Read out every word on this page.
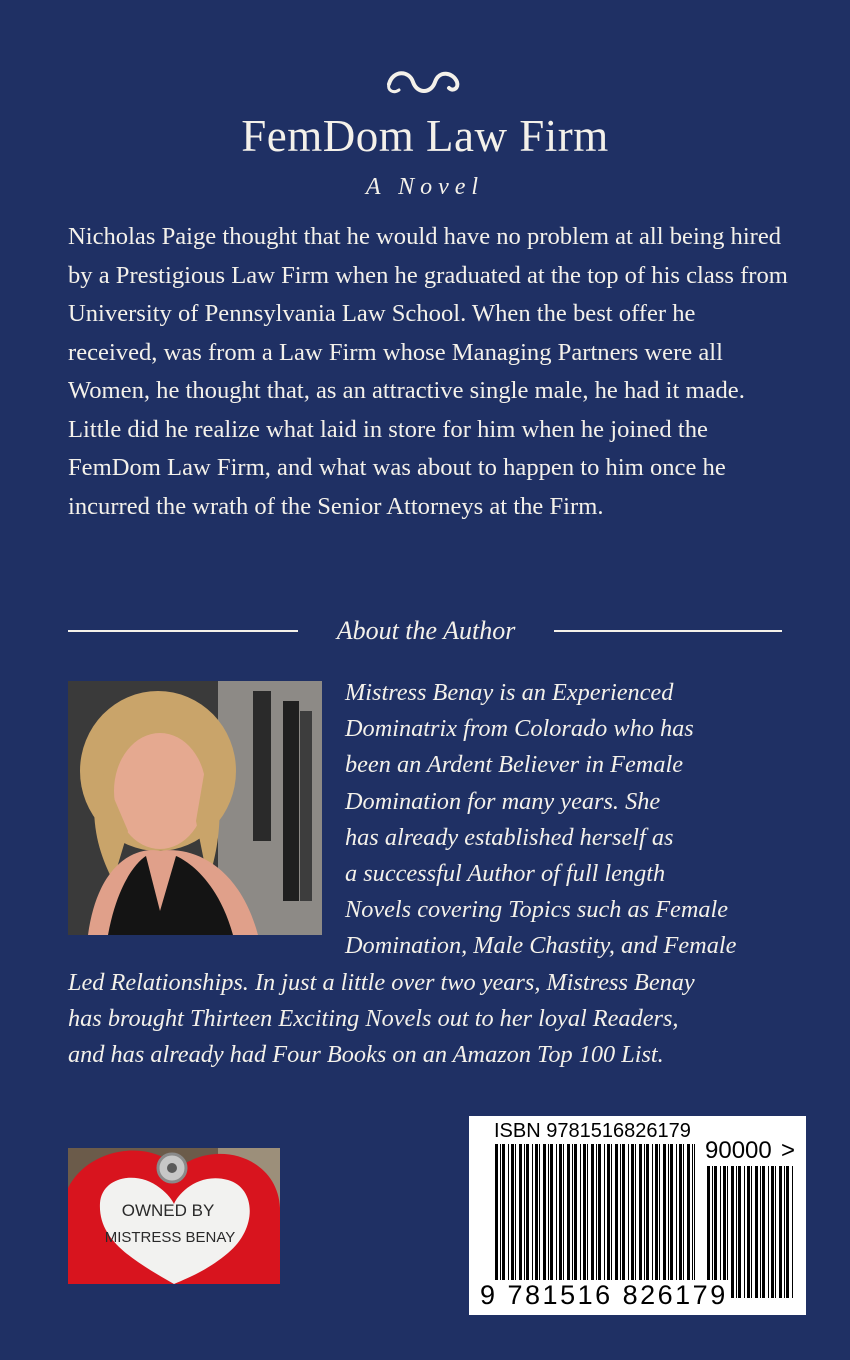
FemDom Law Firm
A Novel

Nicholas Paige thought that he would have no problem at all being hired by a Prestigious Law Firm when he graduated at the top of his class from University of Pennsylvania Law School. When the best offer he received, was from a Law Firm whose Managing Partners were all Women, he thought that, as an attractive single male, he had it made. Little did he realize what laid in store for him when he joined the FemDom Law Firm, and what was about to happen to him once he incurred the wrath of the Senior Attorneys at the Firm.

About the Author
Mistress Benay is an Experienced
Dominatrix from Colorado who has
been an Ardent Believer in Female
Domination for many years. She
has already established herself as
a successful Author of full length
Novels covering Topics such as Female
Domination, Male Chastity, and Female
Led Relationships. In just a little over two years, Mistress Benay
has brought Thirteen Exciting Novels out to her loyal Readers,
and has already had Four Books on an Amazon Top 100 List.
OWNED BY
MISTRESS BENAY
ISBN 9781516826179
90000 >
9 781516 826179
